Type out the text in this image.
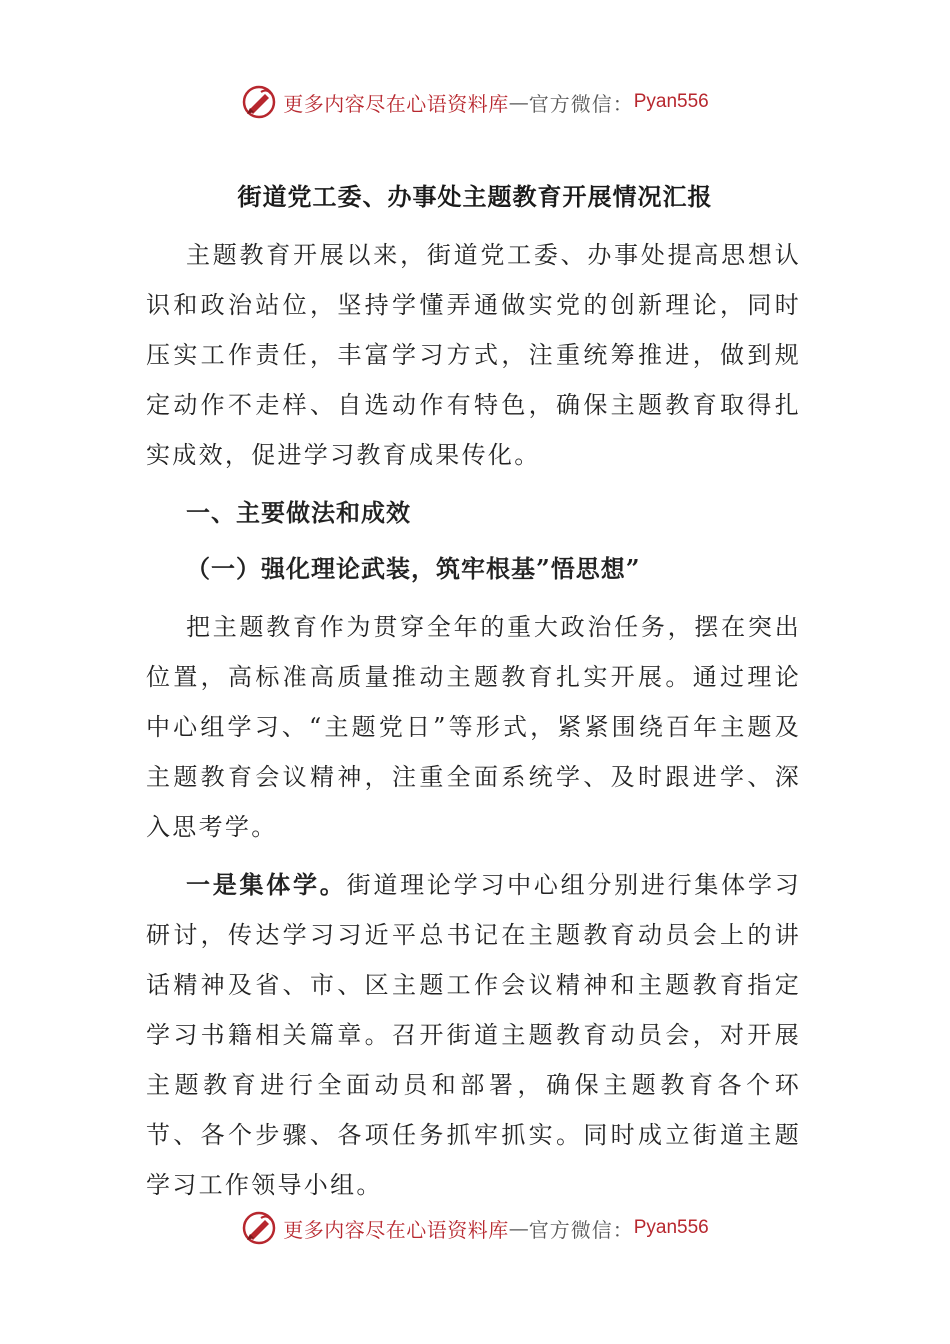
更多内容尽在心语资料库 — 官方微信： Pyan556
街道党工委、办事处主题教育开展情况汇报

主题教育开展以来，街道党工委、办事处提高思想认识和政治站位，坚持学懂弄通做实党的创新理论，同时压实工作责任，丰富学习方式，注重统筹推进，做到规定动作不走样、自选动作有特色，确保主题教育取得扎实成效，促进学习教育成果传化。

一、主要做法和成效

（一）强化理论武装，筑牢根基”悟思想”

把主题教育作为贯穿全年的重大政治任务，摆在突出位置，高标准高质量推动主题教育扎实开展。通过理论中心组学习、“主题党日”等形式，紧紧围绕百年主题及主题教育会议精神，注重全面系统学、及时跟进学、深入思考学。

一是集体学。街道理论学习中心组分别进行集体学习研讨，传达学习习近平总书记在主题教育动员会上的讲话精神及省、市、区主题工作会议精神和主题教育指定学习书籍相关篇章。召开街道主题教育动员会，对开展主题教育进行全面动员和部署，确保主题教育各个环节、各个步骤、各项任务抓牢抓实。同时成立街道主题学习工作领导小组。

更多内容尽在心语资料库 — 官方微信： Pyan556
